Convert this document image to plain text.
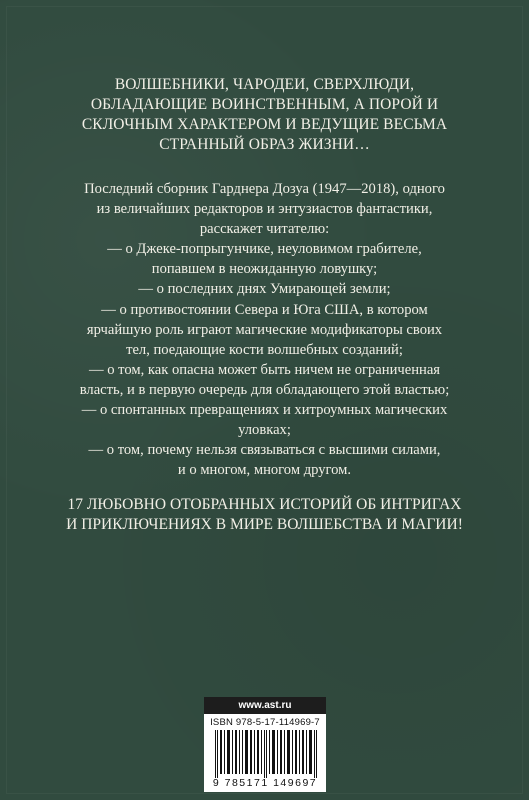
ВОЛШЕБНИКИ, ЧАРОДЕИ, СВЕРХЛЮДИ,
ОБЛАДАЮЩИЕ ВОИНСТВЕННЫМ, А ПОРОЙ И
СКЛОЧНЫМ ХАРАКТЕРОМ И ВЕДУЩИЕ ВЕСЬМА
СТРАННЫЙ ОБРАЗ ЖИЗНИ…
Последний сборник Гарднера Дозуа (1947—2018), одного
из величайших редакторов и энтузиастов фантастики,
расскажет читателю:
— о Джеке-попрыгунчике, неуловимом грабителе,
попавшем в неожиданную ловушку;
— о последних днях Умирающей земли;
— о противостоянии Севера и Юга США, в котором
ярчайшую роль играют магические модификаторы своих
тел, поедающие кости волшебных созданий;
— о том, как опасна может быть ничем не ограниченная
власть, и в первую очередь для обладающего этой властью;
— о спонтанных превращениях и хитроумных магических
уловках;
— о том, почему нельзя связываться с высшими силами,
и о многом, многом другом.
17 ЛЮБОВНО ОТОБРАННЫХ ИСТОРИЙ ОБ ИНТРИГАХ
И ПРИКЛЮЧЕНИЯХ В МИРЕ ВОЛШЕБСТВА И МАГИИ!
www.ast.ru
ISBN 978-5-17-114969-7
9 785171 149697
